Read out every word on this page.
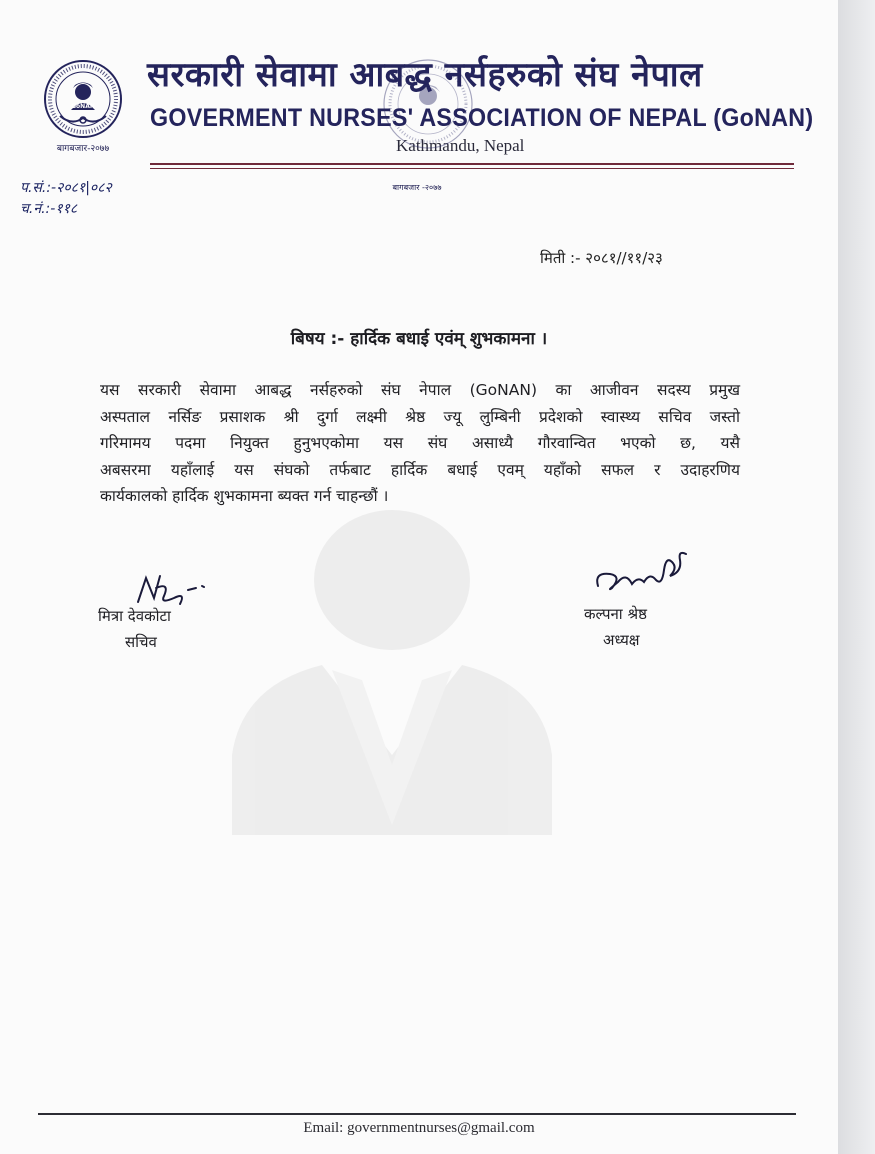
GoNAN
बागबजार-२०७७
सरकारी सेवामा आबद्ध नर्सहरुको संघ नेपाल
GOVERMENT NURSES' ASSOCIATION OF NEPAL (GoNAN)
Kathmandu, Nepal
बागबजार -२०७७
प.सं.:-२०८१|०८२
च.नं.:-११८
मिती :- २०८१//११/२३
बिषय :- हार्दिक बधाई एवंम् शुभकामना ।
यस सरकारी सेवामा आबद्ध नर्सहरुको संघ नेपाल (GoNAN) का आजीवन सदस्य प्रमुख
अस्पताल नर्सिङ प्रसाशक श्री दुर्गा लक्ष्मी श्रेष्ठ ज्यू लुम्बिनी प्रदेशको स्वास्थ्य सचिव जस्तो
गरिमामय पदमा नियुक्त हुनुभएकोमा यस संघ असाध्यै गौरवान्वित भएको छ, यसै
अबसरमा यहाँलाई यस संघको तर्फबाट हार्दिक बधाई एवम् यहाँको सफल र उदाहरणिय
कार्यकालको हार्दिक शुभकामना ब्यक्त गर्न चाहन्छौं ।
मित्रा देवकोटा
सचिव
कल्पना श्रेष्ठ
अध्यक्ष
Email: governmentnurses@gmail.com
